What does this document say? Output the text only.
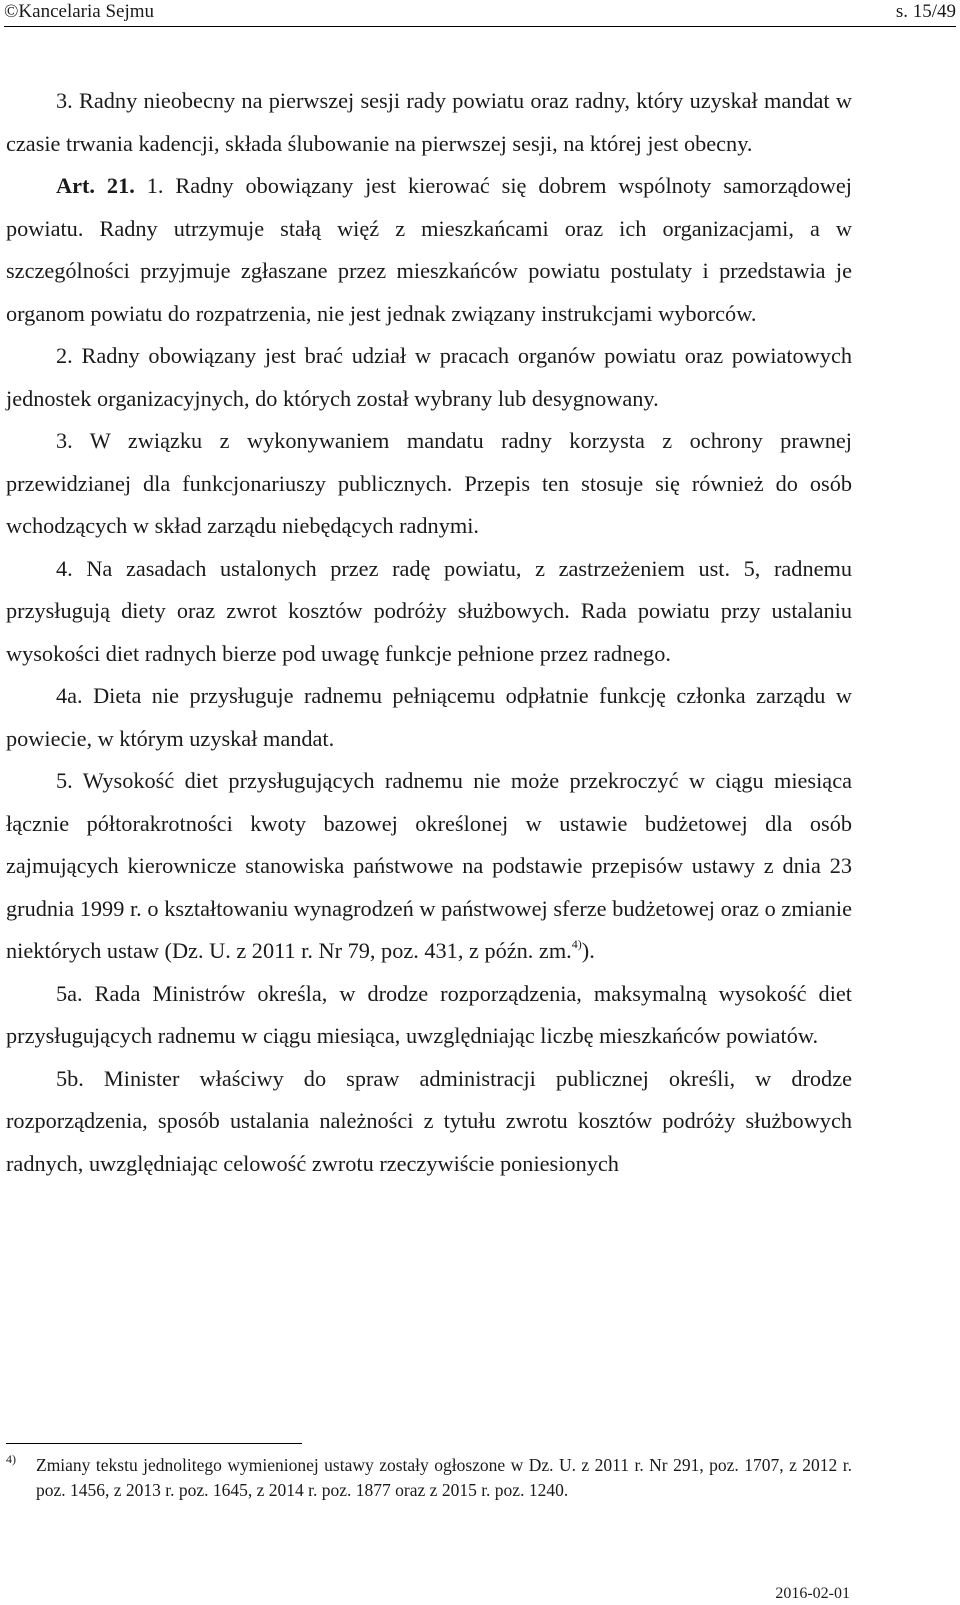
©Kancelaria Sejmu	s. 15/49

3. Radny nieobecny na pierwszej sesji rady powiatu oraz radny, który uzyskał mandat w czasie trwania kadencji, składa ślubowanie na pierwszej sesji, na której jest obecny.

Art. 21. 1. Radny obowiązany jest kierować się dobrem wspólnoty samorządowej powiatu. Radny utrzymuje stałą więź z mieszkańcami oraz ich organizacjami, a w szczególności przyjmuje zgłaszane przez mieszkańców powiatu postulaty i przedstawia je organom powiatu do rozpatrzenia, nie jest jednak związany instrukcjami wyborców.

2. Radny obowiązany jest brać udział w pracach organów powiatu oraz powiatowych jednostek organizacyjnych, do których został wybrany lub desygnowany.

3. W związku z wykonywaniem mandatu radny korzysta z ochrony prawnej przewidzianej dla funkcjonariuszy publicznych. Przepis ten stosuje się również do osób wchodzących w skład zarządu niebędących radnymi.

4. Na zasadach ustalonych przez radę powiatu, z zastrzeżeniem ust. 5, radnemu przysługują diety oraz zwrot kosztów podróży służbowych. Rada powiatu przy ustalaniu wysokości diet radnych bierze pod uwagę funkcje pełnione przez radnego.

4a. Dieta nie przysługuje radnemu pełniącemu odpłatnie funkcję członka zarządu w powiecie, w którym uzyskał mandat.

5. Wysokość diet przysługujących radnemu nie może przekroczyć w ciągu miesiąca łącznie półtorakrotności kwoty bazowej określonej w ustawie budżetowej dla osób zajmujących kierownicze stanowiska państwowe na podstawie przepisów ustawy z dnia 23 grudnia 1999 r. o kształtowaniu wynagrodzeń w państwowej sferze budżetowej oraz o zmianie niektórych ustaw (Dz. U. z 2011 r. Nr 79, poz. 431, z późn. zm.$^{4)}$).

5a. Rada Ministrów określa, w drodze rozporządzenia, maksymalną wysokość diet przysługujących radnemu w ciągu miesiąca, uwzględniając liczbę mieszkańców powiatów.

5b. Minister właściwy do spraw administracji publicznej określi, w drodze rozporządzenia, sposób ustalania należności z tytułu zwrotu kosztów podróży służbowych radnych, uwzględniając celowość zwrotu rzeczywiście poniesionych

4) Zmiany tekstu jednolitego wymienionej ustawy zostały ogłoszone w Dz. U. z 2011 r. Nr 291, poz. 1707, z 2012 r. poz. 1456, z 2013 r. poz. 1645, z 2014 r. poz. 1877 oraz z 2015 r. poz. 1240.
2016-02-01
